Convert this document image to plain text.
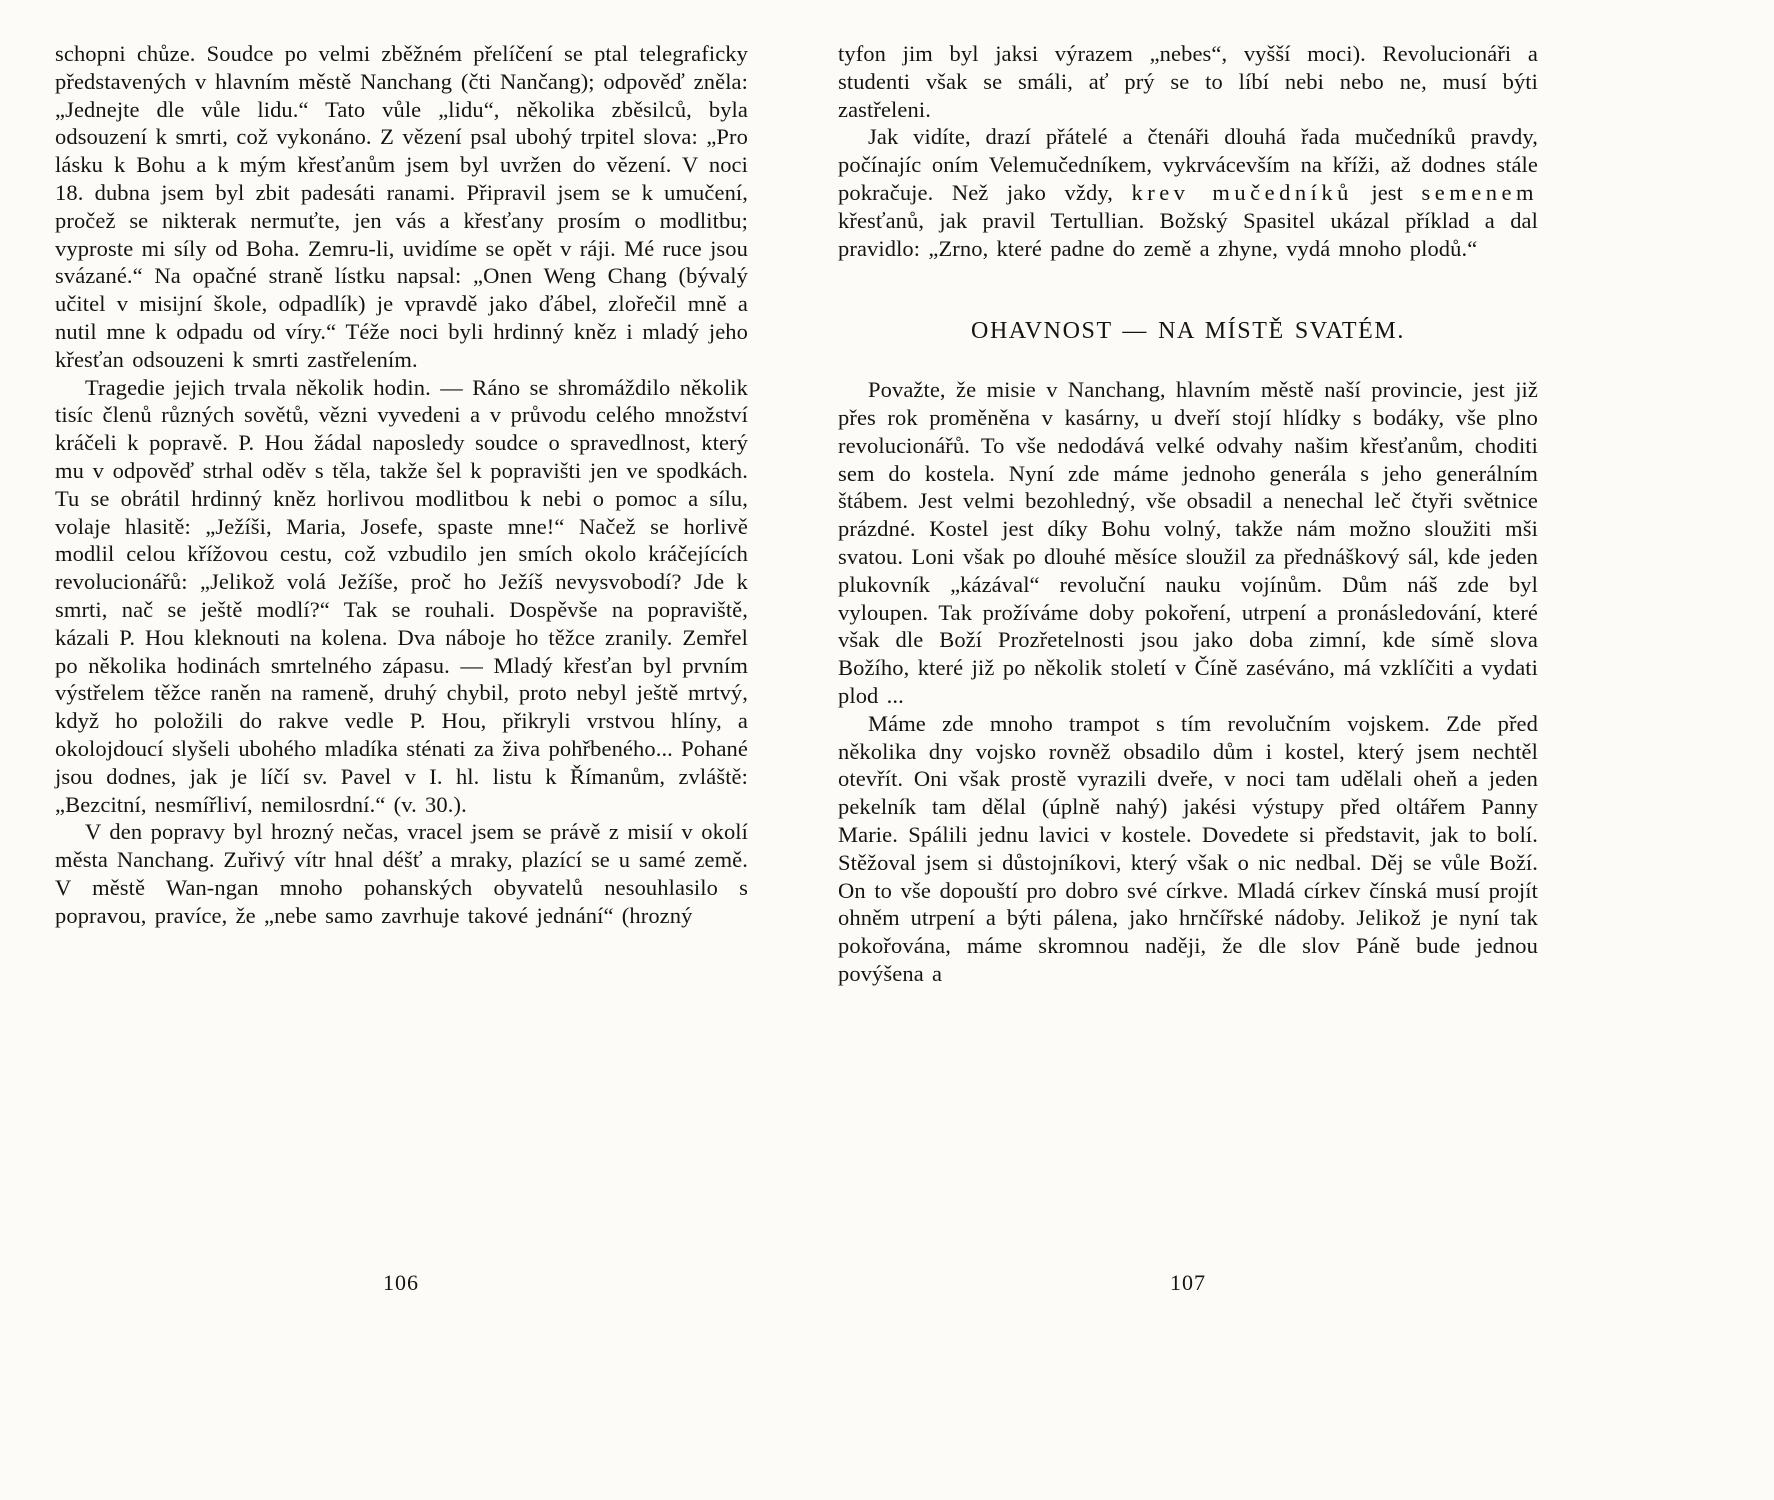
schopni chůze. Soudce po velmi zběžném přelíčení se ptal telegraficky představených v hlavním městě Nanchang (čti Nančang); odpověď zněla: „Jednejte dle vůle lidu.“ Tato vůle „lidu“, několika zběsilců, byla odsouzení k smrti, což vykonáno. Z vězení psal ubohý trpitel slova: „Pro lásku k Bohu a k mým křesťanům jsem byl uvržen do vězení. V noci 18. dubna jsem byl zbit padesáti ranami. Připravil jsem se k umučení, pročež se nikterak nermuťte, jen vás a křesťany prosím o modlitbu; vyproste mi síly od Boha. Zemru-li, uvidíme se opět v ráji. Mé ruce jsou svázané.“ Na opačné straně lístku napsal: „Onen Weng Chang (bývalý učitel v misijní škole, odpadlík) je vpravdě jako ďábel, zlořečil mně a nutil mne k odpadu od víry.“ Téže noci byli hrdinný kněz i mladý jeho křesťan odsouzeni k smrti zastřelením.

Tragedie jejich trvala několik hodin. — Ráno se shromáždilo několik tisíc členů různých sovětů, vězni vyvedeni a v průvodu celého množství kráčeli k popravě. P. Hou žádal naposledy soudce o spravedlnost, který mu v odpověď strhal oděv s těla, takže šel k popravišti jen ve spodkách. Tu se obrátil hrdinný kněz horlivou modlitbou k nebi o pomoc a sílu, volaje hlasitě: „Ježíši, Maria, Josefe, spaste mne!“ Načež se horlivě modlil celou křížovou cestu, což vzbudilo jen smích okolo kráčejících revolucionářů: „Jelikož volá Ježíše, proč ho Ježíš nevysvobodí? Jde k smrti, nač se ještě modlí?“ Tak se rouhali. Dospěvše na popraviště, kázali P. Hou kleknouti na kolena. Dva náboje ho těžce zranily. Zemřel po několika hodinách smrtelného zápasu. — Mladý křesťan byl prvním výstřelem těžce raněn na rameně, druhý chybil, proto nebyl ještě mrtvý, když ho položili do rakve vedle P. Hou, přikryli vrstvou hlíny, a okolojdoucí slyšeli ubohého mladíka sténati za živa pohřbeného... Pohané jsou dodnes, jak je líčí sv. Pavel v I. hl. listu k Římanům, zvláště: „Bezcitní, nesmířliví, nemilosrdní.“ (v. 30.).

V den popravy byl hrozný nečas, vracel jsem se právě z misií v okolí města Nanchang. Zuřivý vítr hnal déšť a mraky, plazící se u samé země. V městě Wan-ngan mnoho pohanských obyvatelů nesouhlasilo s popravou, pravíce, že „nebe samo zavrhuje takové jednání“ (hrozný

tyfon jim byl jaksi výrazem „nebes“, vyšší moci). Revolucionáři a studenti však se smáli, ať prý se to líbí nebi nebo ne, musí býti zastřeleni.

Jak vidíte, drazí přátelé a čtenáři dlouhá řada mučedníků pravdy, počínajíc oním Velemučedníkem, vykrvácevším na kříži, až dodnes stále pokračuje. Než jako vždy, krev mučedníků jest semenem křesťanů, jak pravil Tertullian. Božský Spasitel ukázal příklad a dal pravidlo: „Zrno, které padne do země a zhyne, vydá mnoho plodů.“

OHAVNOST — NA MÍSTĚ SVATÉM.

Považte, že misie v Nanchang, hlavním městě naší provincie, jest již přes rok proměněna v kasárny, u dveří stojí hlídky s bodáky, vše plno revolucionářů. To vše nedodává velké odvahy našim křesťanům, choditi sem do kostela. Nyní zde máme jednoho generála s jeho generálním štábem. Jest velmi bezohledný, vše obsadil a nenechal leč čtyři světnice prázdné. Kostel jest díky Bohu volný, takže nám možno sloužiti mši svatou. Loni však po dlouhé měsíce sloužil za přednáškový sál, kde jeden plukovník „kázával“ revoluční nauku vojínům. Dům náš zde byl vyloupen. Tak prožíváme doby pokoření, utrpení a pronásledování, které však dle Boží Prozřetelnosti jsou jako doba zimní, kde símě slova Božího, které již po několik století v Číně zaséváno, má vzklíčiti a vydati plod ...

Máme zde mnoho trampot s tím revolučním vojskem. Zde před několika dny vojsko rovněž obsadilo dům i kostel, který jsem nechtěl otevřít. Oni však prostě vyrazili dveře, v noci tam udělali oheň a jeden pekelník tam dělal (úplně nahý) jakési výstupy před oltářem Panny Marie. Spálili jednu lavici v kostele. Dovedete si představit, jak to bolí. Stěžoval jsem si důstojníkovi, který však o nic nedbal. Děj se vůle Boží. On to vše dopouští pro dobro své církve. Mladá církev čínská musí projít ohněm utrpení a býti pálena, jako hrnčířské nádoby. Jelikož je nyní tak pokořována, máme skromnou naději, že dle slov Páně bude jednou povýšena a

106	107
